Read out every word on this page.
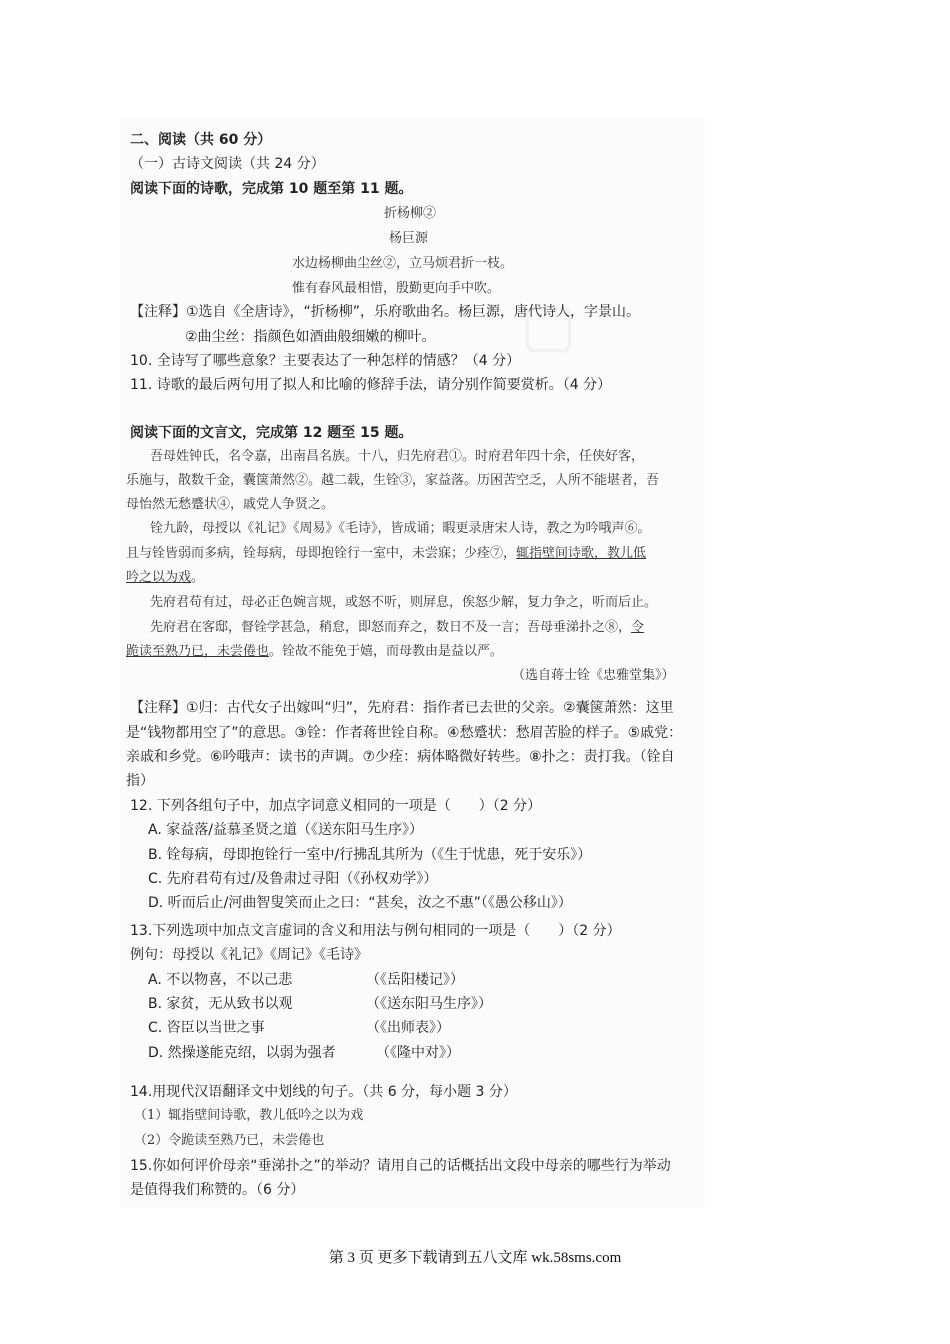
▢
二、阅读（共 60 分）
（一）古诗文阅读（共 24 分）
阅读下面的诗歌，完成第 10 题至第 11 题。
折杨柳②
杨巨源
水边杨柳曲尘丝②，立马烦君折一枝。
惟有春风最相惜，殷勤更向手中吹。
【注释】①选自《全唐诗》，“折杨柳”，乐府歌曲名。杨巨源，唐代诗人，字景山。
②曲尘丝：指颜色如酒曲般细嫩的柳叶。
10. 全诗写了哪些意象？主要表达了一种怎样的情感？（4 分）
11. 诗歌的最后两句用了拟人和比喻的修辞手法，请分别作简要赏析。（4 分）
阅读下面的文言文，完成第 12 题至 15 题。
吾母姓钟氏，名令嘉，出南昌名族。十八，归先府君①。时府君年四十余，任侠好客，
乐施与，散数千金，囊箧萧然②。越二载，生铨③，家益落。历困苦空乏，人所不能堪者，吾
母怡然无愁蹙状④，戚党人争贤之。
铨九龄，母授以《礼记》《周易》《毛诗》，皆成诵；暇更录唐宋人诗，教之为吟哦声⑥。
且与铨皆弱而多病，铨每病，母即抱铨行一室中，未尝寐；少痊⑦，辄指壁间诗歌，教儿低
吟之以为戏。
先府君苟有过，母必正色婉言规，或怒不听，则屏息，俟怒少解，复力争之，听而后止。
先府君在客邸，督铨学甚急，稍怠，即怒而弃之，数日不及一言；吾母垂涕扑之⑧，令
跪读至熟乃已，未尝倦也。铨故不能免于嬉，而母教由是益以严。
（选自蒋士铨《忠雅堂集》）
【注释】①归：古代女子出嫁叫“归”，先府君：指作者已去世的父亲。②囊箧萧然：这里
是“钱物都用空了”的意思。③铨：作者蒋世铨自称。④愁蹙状：愁眉苦脸的样子。⑤戚党：
亲戚和乡党。⑥吟哦声：读书的声调。⑦少痊：病体略微好转些。⑧扑之：责打我。（铨自
指）
12. 下列各组句子中，加点字词意义相同的一项是（　　）（2 分）
A. 家益落/益慕圣贤之道（《送东阳马生序》）
B. 铨每病，母即抱铨行一室中/行拂乱其所为（《生于忧患，死于安乐》）
C. 先府君苟有过/及鲁肃过寻阳（《孙权劝学》）
D. 听而后止/河曲智叟笑而止之曰：“甚矣，汝之不惠”（《愚公移山》）
13.下列选项中加点文言虚词的含义和用法与例句相同的一项是（　　）（2 分）
例句：母授以《礼记》《周记》《毛诗》
A. 不以物喜，不以己悲	（《岳阳楼记》）
B. 家贫，无从致书以观	（《送东阳马生序》）
C. 咨臣以当世之事	（《出师表》）
D. 然操遂能克绍，以弱为强者	（《隆中对》）
14.用现代汉语翻译文中划线的句子。（共 6 分，每小题 3 分）
（1）辄指壁间诗歌，教儿低吟之以为戏
（2）令跪读至熟乃已，未尝倦也
15.你如何评价母亲“垂涕扑之”的举动？请用自己的话概括出文段中母亲的哪些行为举动
是值得我们称赞的。（6 分）
第 3 页 更多下载请到五八文库 wk.58sms.com
